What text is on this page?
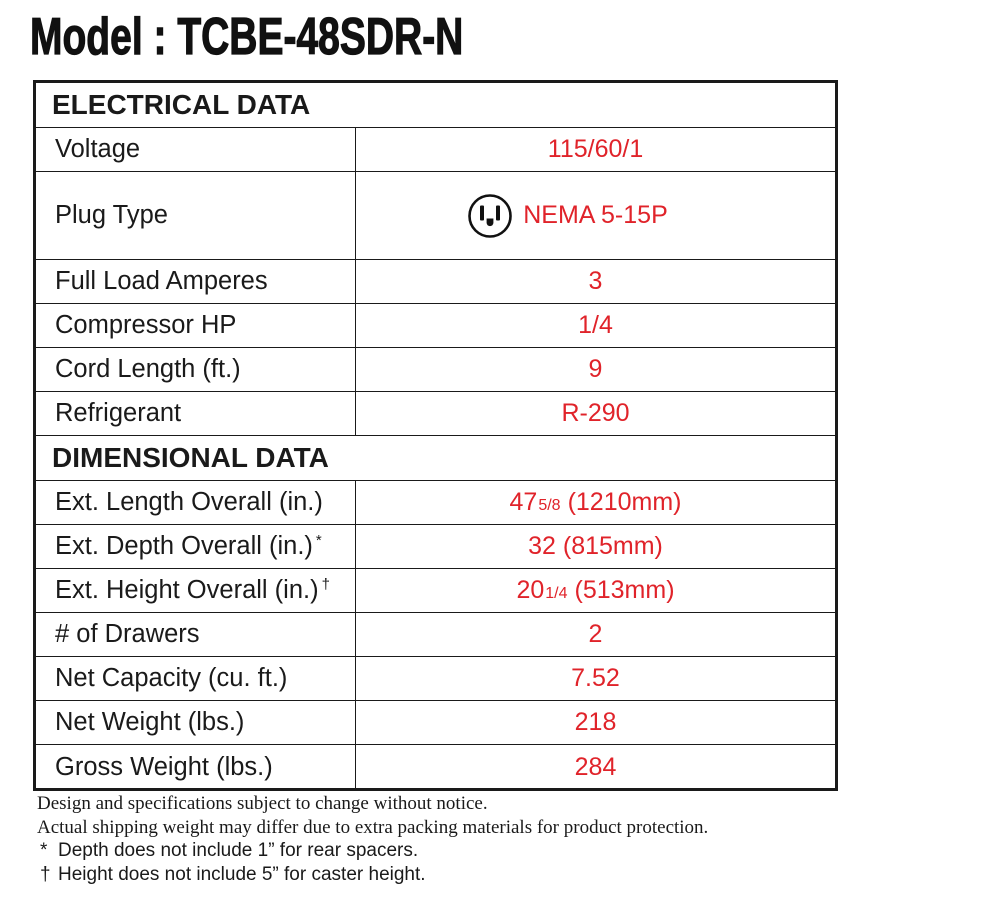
Model : TCBE-48SDR-N
ELECTRICAL DATA
Voltage	115/60/1
Plug Type	NEMA 5-15P
Full Load Amperes	3
Compressor HP	1/4
Cord Length (ft.)	9
Refrigerant	R-290
DIMENSIONAL DATA
Ext. Length Overall (in.)	475/8 (1210mm)
Ext. Depth Overall (in.) *	32 (815mm)
Ext. Height Overall (in.) †	201/4 (513mm)
# of Drawers	2
Net Capacity (cu. ft.)	7.52
Net Weight (lbs.)	218
Gross Weight (lbs.)	284
Design and specifications subject to change without notice.
Actual shipping weight may differ due to extra packing materials for product protection.
* Depth does not include 1” for rear spacers.
† Height does not include 5” for caster height.
